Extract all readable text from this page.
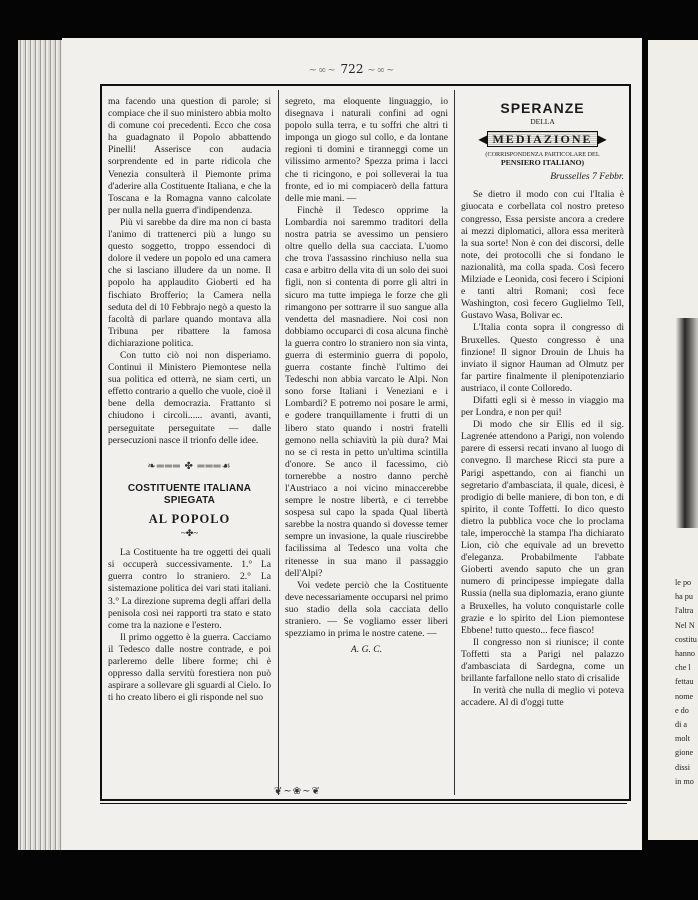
~∞~ 722 ~∞~

ma facendo una question di parole; si compiace che il suo ministero abbia molto di comune coi precedenti. Ecco che cosa ha guadagnato il Popolo abbattendo Pinelli! Asserisce con audacia sorprendente ed in parte ridicola che Venezia consulterà il Piemonte prima d'aderire alla Costituente Italiana, e che la Toscana e la Romagna vanno calcolate per nulla nella guerra d'indipendenza.

Più vi sarebbe da dire ma non ci basta l'animo di trattenerci più a lungo su questo soggetto, troppo essendoci di dolore il vedere un popolo ed una camera che si lasciano illudere da un nome. Il popolo ha applaudito Gioberti ed ha fischiato Brofferio; la Camera nella seduta del di 10 Febbrajo negò a questo la facoltà di parlare quando montava alla Tribuna per ribattere la famosa dichiarazione politica.

Con tutto ciò noi non disperiamo. Continui il Ministero Piemontese nella sua politica ed otterrà, ne siam certi, un effetto contrario a quello che vuole, cioè il bene della democrazia. Frattanto si chiudono i circoli...... avanti, avanti, perseguitate perseguitate — dalle persecuzioni nasce il trionfo delle idee.

❧═══ ✤ ═══☙
COSTITUENTE ITALIANA SPIEGATA
AL POPOLO
~✤~

La Costituente ha tre oggetti dei quali si occuperà successivamente. 1.° La guerra contro lo straniero. 2.° La sistemazione politica dei vari stati italiani. 3.° La direzione suprema degli affari della penisola così nei rapporti tra stato e stato come tra la nazione e l'estero.

Il primo oggetto è la guerra. Cacciamo il Tedesco dalle nostre contrade, e poi parleremo delle libere forme; chi è oppresso dalla servitù forestiera non può aspirare a sollevare gli sguardi al Cielo. Io ti ho creato libero ei gli risponde nel suo

segreto, ma eloquente linguaggio, io disegnava i naturali confini ad ogni popolo sulla terra, e tu soffri che altri ti imponga un giogo sul collo, e da lontane regioni ti domini e tiranneggi come un vilissimo armento? Spezza prima i lacci che ti ricingono, e poi solleverai la tua fronte, ed io mi compiacerò della fattura delle mie mani. —

Finchè il Tedesco opprime la Lombardia noi saremmo traditori della nostra patria se avessimo un pensiero oltre quello della sua cacciata. L'uomo che trova l'assassino rinchiuso nella sua casa e arbitro della vita di un solo dei suoi figli, non si contenta di porre gli altri in sicuro ma tutte impiega le forze che gli rimangono per sottrarre il suo sangue alla vendetta del masnadiere. Noi così non dobbiamo occuparci di cosa alcuna finchè la guerra contro lo straniero non sia vinta, guerra di esterminio guerra di popolo, guerra costante finchè l'ultimo dei Tedeschi non abbia varcato le Alpi. Non sono forse Italiani i Veneziani e i Lombardi? E potremo noi posare le armi, e godere tranquillamente i frutti di un libero stato quando i nostri fratelli gemono nella schiavitù la più dura? Mai no se ci resta in petto un'ultima scintilla d'onore. Se anco il facessimo, ciò tornerebbe a nostro danno perchè l'Austriaco a noi vicino minaccerebbe sempre le nostre libertà, e ci terrebbe sospesa sul capo la spada Qual libertà sarebbe la nostra quando si dovesse temer sempre un invasione, la quale riuscirebbe facilissima al Tedesco una volta che ritenesse in sua mano il passaggio dell'Alpi?

Voi vedete perciò che la Costituente deve necessariamente occuparsi nel primo suo stadio della sola cacciata dello straniero. — Se vogliamo esser liberi spezziamo in prima le nostre catene. —

A. G. C.
SPERANZE
DELLA
◀ MEDIAZIONE ▶
(CORRISPONDENZA PARTICOLARE DEL
PENSIERO ITALIANO)
Brusselles 7 Febbr.

Se dietro il modo con cui l'Italia è giuocata e corbellata col nostro preteso congresso, Essa persiste ancora a credere ai mezzi diplomatici, allora essa meriterà la sua sorte! Non è con dei discorsi, delle note, dei protocolli che si fondano le nazionalità, ma colla spada. Così fecero Milziade e Leonida, così fecero i Scipioni e tanti altri Romani; così fece Washington, così fecero Guglielmo Tell, Gustavo Wasa, Bolivar ec.

L'Italia conta sopra il congresso di Bruxelles. Questo congresso è una finzione! Il signor Drouin de Lhuis ha inviato il signor Hauman ad Olmutz per far partire finalmente il plenipotenziario austriaco, il conte Colloredo.

Difatti egli si è messo in viaggio ma per Londra, e non per qui!

Di modo che sir Ellis ed il sig. Lagrenée attendono a Parigi, non volendo parere di essersi recati invano al luogo di convegno. Il marchese Ricci sta pure a Parigi aspettando, con ai fianchi un segretario d'ambasciata, il quale, dicesi, è prodigio di belle maniere, di bon ton, e di spirito, il conte Toffetti. Io dico questo dietro la pubblica voce che lo proclama tale, imperocchè la stampa l'ha dichiarato Lion, ciò che equivale ad un brevetto d'eleganza. Probabilmente l'abbate Gioberti avendo saputo che un gran numero di principesse impiegate dalla Russia (nella sua diplomazia, erano giunte a Bruxelles, ha voluto conquistarle colle grazie e lo spirito del Lion piemontese Ebbene! tutto questo... fece fiasco!

Il congresso non si riunisce; il conte Toffetti sta a Parigi nel palazzo d'ambasciata di Sardegna, come un brillante farfallone nello stato di crisalide

In verità che nulla di meglio vi poteva accadere. Al dì d'oggi tutte

❦~❀~❦
le po
ha pu
l'altra
Nel N
costitu
hanno
che l
fettau
nome
e do
di a
molt
gione
dissi
in mo
